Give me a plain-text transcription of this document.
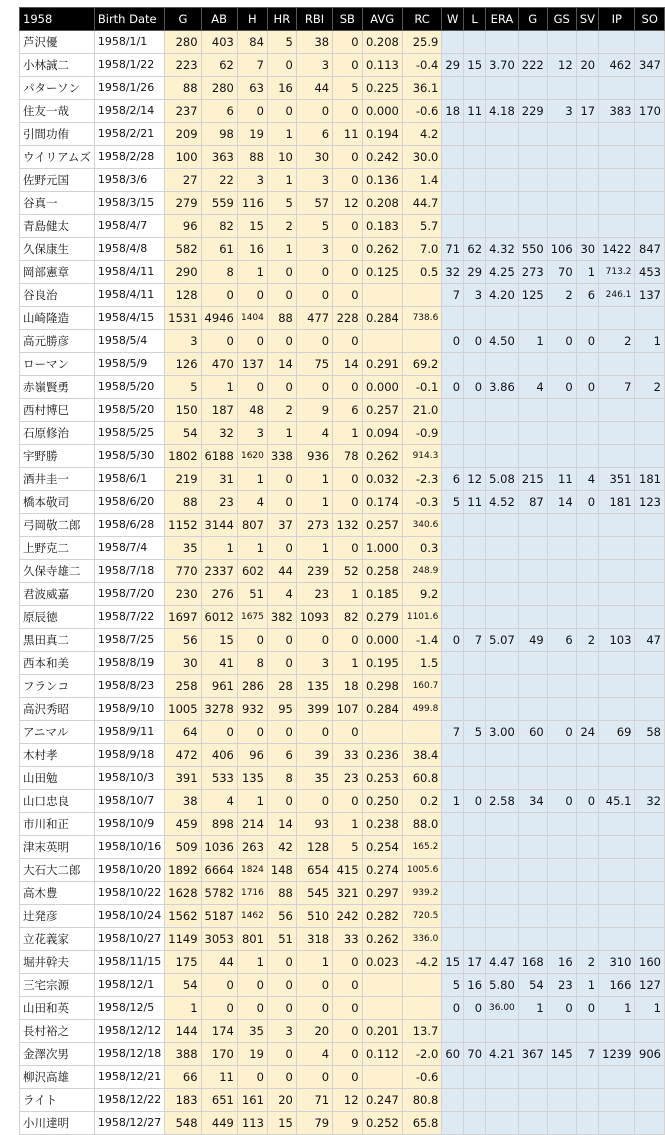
1958	Birth Date	G	AB	H	HR	RBI	SB	AVG	RC	W	L	ERA	G	GS	SV	IP	SO
芦沢優	1958/1/1	280	403	84	5	38	0	0.208	25.9								
小林誠二	1958/1/22	223	62	7	0	3	0	0.113	-0.4	29	15	3.70	222	12	20	462	347
パターソン	1958/1/26	88	280	63	16	44	5	0.225	36.1								
住友一哉	1958/2/14	237	6	0	0	0	0	0.000	-0.6	18	11	4.18	229	3	17	383	170
引間功侑	1958/2/21	209	98	19	1	6	11	0.194	4.2								
ウイリアムズ	1958/2/28	100	363	88	10	30	0	0.242	30.0								
佐野元国	1958/3/6	27	22	3	1	3	0	0.136	1.4								
谷真一	1958/3/15	279	559	116	5	57	12	0.208	44.7								
青島健太	1958/4/7	96	82	15	2	5	0	0.183	5.7								
久保康生	1958/4/8	582	61	16	1	3	0	0.262	7.0	71	62	4.32	550	106	30	1422	847
岡部憲章	1958/4/11	290	8	1	0	0	0	0.125	0.5	32	29	4.25	273	70	1	713.2	453
谷良治	1958/4/11	128	0	0	0	0	0			7	3	4.20	125	2	6	246.1	137
山崎隆造	1958/4/15	1531	4946	1404	88	477	228	0.284	738.6								
高元勝彦	1958/5/4	3	0	0	0	0	0			0	0	4.50	1	0	0	2	1
ローマン	1958/5/9	126	470	137	14	75	14	0.291	69.2								
赤嶺賢勇	1958/5/20	5	1	0	0	0	0	0.000	-0.1	0	0	3.86	4	0	0	7	2
西村博巳	1958/5/20	150	187	48	2	9	6	0.257	21.0								
石原修治	1958/5/25	54	32	3	1	4	1	0.094	-0.9								
宇野勝	1958/5/30	1802	6188	1620	338	936	78	0.262	914.3								
酒井圭一	1958/6/1	219	31	1	0	1	0	0.032	-2.3	6	12	5.08	215	11	4	351	181
橋本敬司	1958/6/20	88	23	4	0	1	0	0.174	-0.3	5	11	4.52	87	14	0	181	123
弓岡敬二郎	1958/6/28	1152	3144	807	37	273	132	0.257	340.6								
上野克二	1958/7/4	35	1	1	0	1	0	1.000	0.3								
久保寺雄二	1958/7/18	770	2337	602	44	239	52	0.258	248.9								
君波威嘉	1958/7/20	230	276	51	4	23	1	0.185	9.2								
原辰徳	1958/7/22	1697	6012	1675	382	1093	82	0.279	1101.6								
黒田真二	1958/7/25	56	15	0	0	0	0	0.000	-1.4	0	7	5.07	49	6	2	103	47
西本和美	1958/8/19	30	41	8	0	3	1	0.195	1.5								
フランコ	1958/8/23	258	961	286	28	135	18	0.298	160.7								
高沢秀昭	1958/9/10	1005	3278	932	95	399	107	0.284	499.8								
アニマル	1958/9/11	64	0	0	0	0	0			7	5	3.00	60	0	24	69	58
木村孝	1958/9/18	472	406	96	6	39	33	0.236	38.4								
山田勉	1958/10/3	391	533	135	8	35	23	0.253	60.8								
山口忠良	1958/10/7	38	4	1	0	0	0	0.250	0.2	1	0	2.58	34	0	0	45.1	32
市川和正	1958/10/9	459	898	214	14	93	1	0.238	88.0								
津末英明	1958/10/16	509	1036	263	42	128	5	0.254	165.2								
大石大二郎	1958/10/20	1892	6664	1824	148	654	415	0.274	1005.6								
高木豊	1958/10/22	1628	5782	1716	88	545	321	0.297	939.2								
辻発彦	1958/10/24	1562	5187	1462	56	510	242	0.282	720.5								
立花義家	1958/10/27	1149	3053	801	51	318	33	0.262	336.0								
堀井幹夫	1958/11/15	175	44	1	0	1	0	0.023	-4.2	15	17	4.47	168	16	2	310	160
三宅宗源	1958/12/1	54	0	0	0	0	0			5	16	5.80	54	23	1	166	127
山田和英	1958/12/5	1	0	0	0	0	0			0	0	36.00	1	0	0	1	1
長村裕之	1958/12/12	144	174	35	3	20	0	0.201	13.7								
金澤次男	1958/12/18	388	170	19	0	4	0	0.112	-2.0	60	70	4.21	367	145	7	1239	906
柳沢高雄	1958/12/21	66	11	0	0	0	0		-0.6								
ライト	1958/12/22	183	651	161	20	71	12	0.247	80.8								
小川達明	1958/12/27	548	449	113	15	79	9	0.252	65.8								
